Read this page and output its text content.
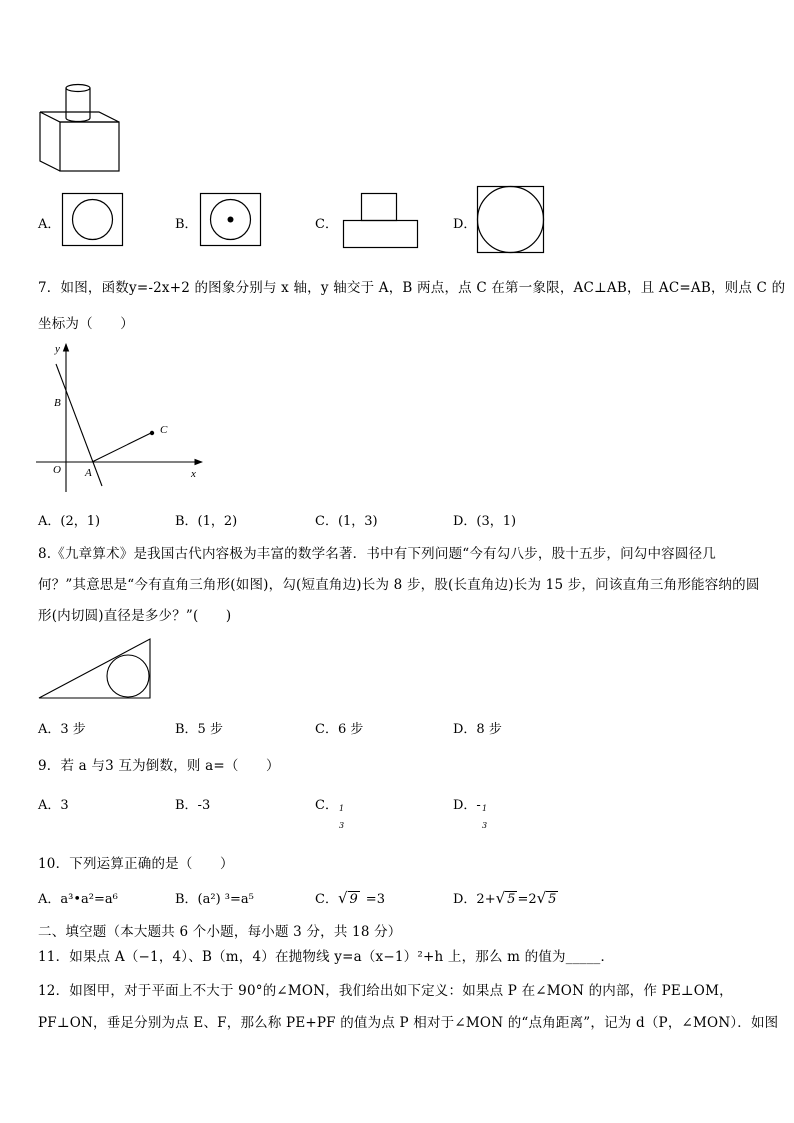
A．	B．	C．	D．
7．如图，函数y=-2x+2 的图象分别与 x 轴，y 轴交于 A，B 两点，点 C 在第一象限，AC⊥AB，且 AC=AB，则点 C 的
坐标为（　　）
y
x
O A
B
C
A．(2，1)	B．(1，2)	C．(1，3)	D．(3，1)
8.《九章算术》是我国古代内容极为丰富的数学名著．书中有下列问题“今有勾八步，股十五步，问勾中容圆径几
何？”其意思是“今有直角三角形(如图)，勾(短直角边)长为 8 步，股(长直角边)长为 15 步，问该直角三角形能容纳的圆
形(内切圆)直径是多少？”(　　)
A．3 步	B．5 步	C．6 步	D．8 步
9．若 a 与3 互为倒数，则 a=（　　）
A．3	B．-3	C． 1
3
D．- 1
3
10．下列运算正确的是（　　）
A．a³•a²=a⁶	B．(a²) ³=a⁵	C．√ 9 =3	D．2+√ 5 =2√ 5
二、填空题（本大题共 6 个小题，每小题 3 分，共 18 分）
11．如果点 A（−1，4）、B（m，4）在抛物线 y=a（x−1）²+h 上，那么 m 的值为_____．
12．如图甲，对于平面上不大于 90°的∠MON，我们给出如下定义：如果点 P 在∠MON 的内部，作 PE⊥OM，
PF⊥ON，垂足分别为点 E、F，那么称 PE+PF 的值为点 P 相对于∠MON 的“点角距离”，记为 d（P，∠MON）．如图
